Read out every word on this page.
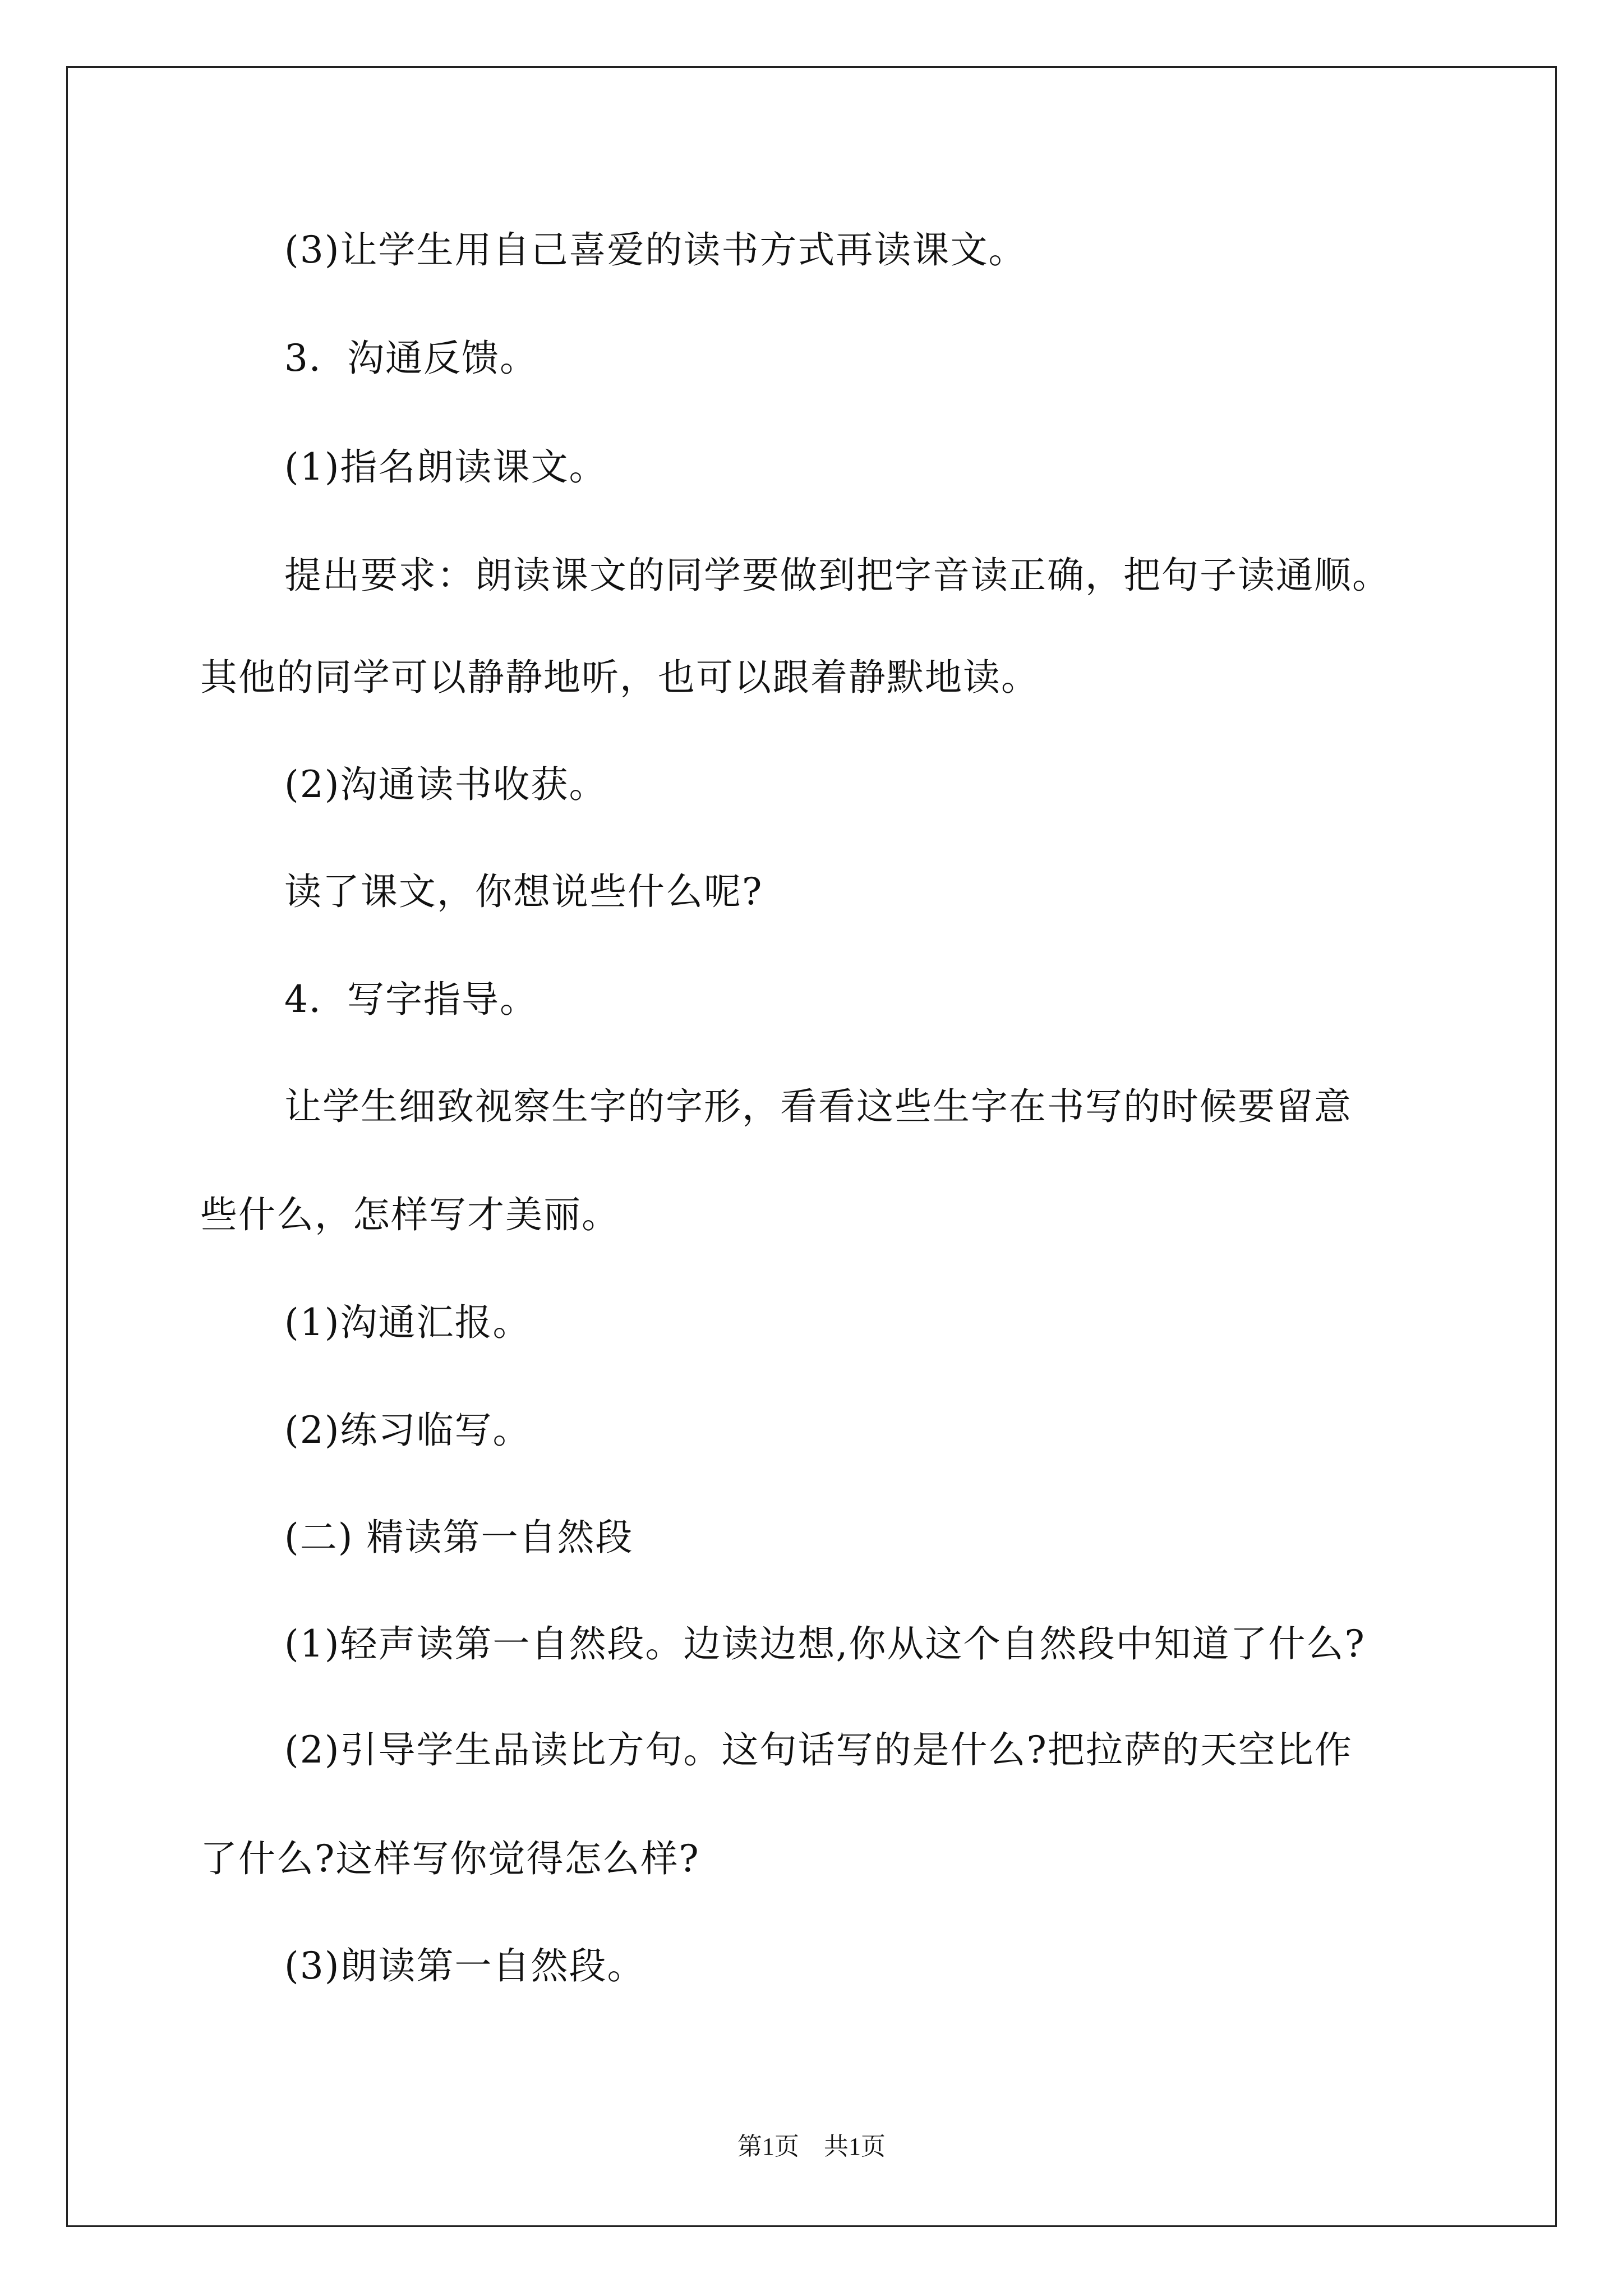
(3)让学生用自己喜爱的读书方式再读课文。

3．沟通反馈。

(1)指名朗读课文。

提出要求：朗读课文的同学要做到把字音读正确，把句子读通顺。

其他的同学可以静静地听，也可以跟着静默地读。

(2)沟通读书收获。

读了课文，你想说些什么呢?

4．写字指导。

让学生细致视察生字的字形，看看这些生字在书写的时候要留意

些什么，怎样写才美丽。

(1)沟通汇报。

(2)练习临写。

(二) 精读第一自然段

(1)轻声读第一自然段。边读边想,你从这个自然段中知道了什么?

(2)引导学生品读比方句。这句话写的是什么?把拉萨的天空比作

了什么?这样写你觉得怎么样?

(3)朗读第一自然段。

第1页　共1页
